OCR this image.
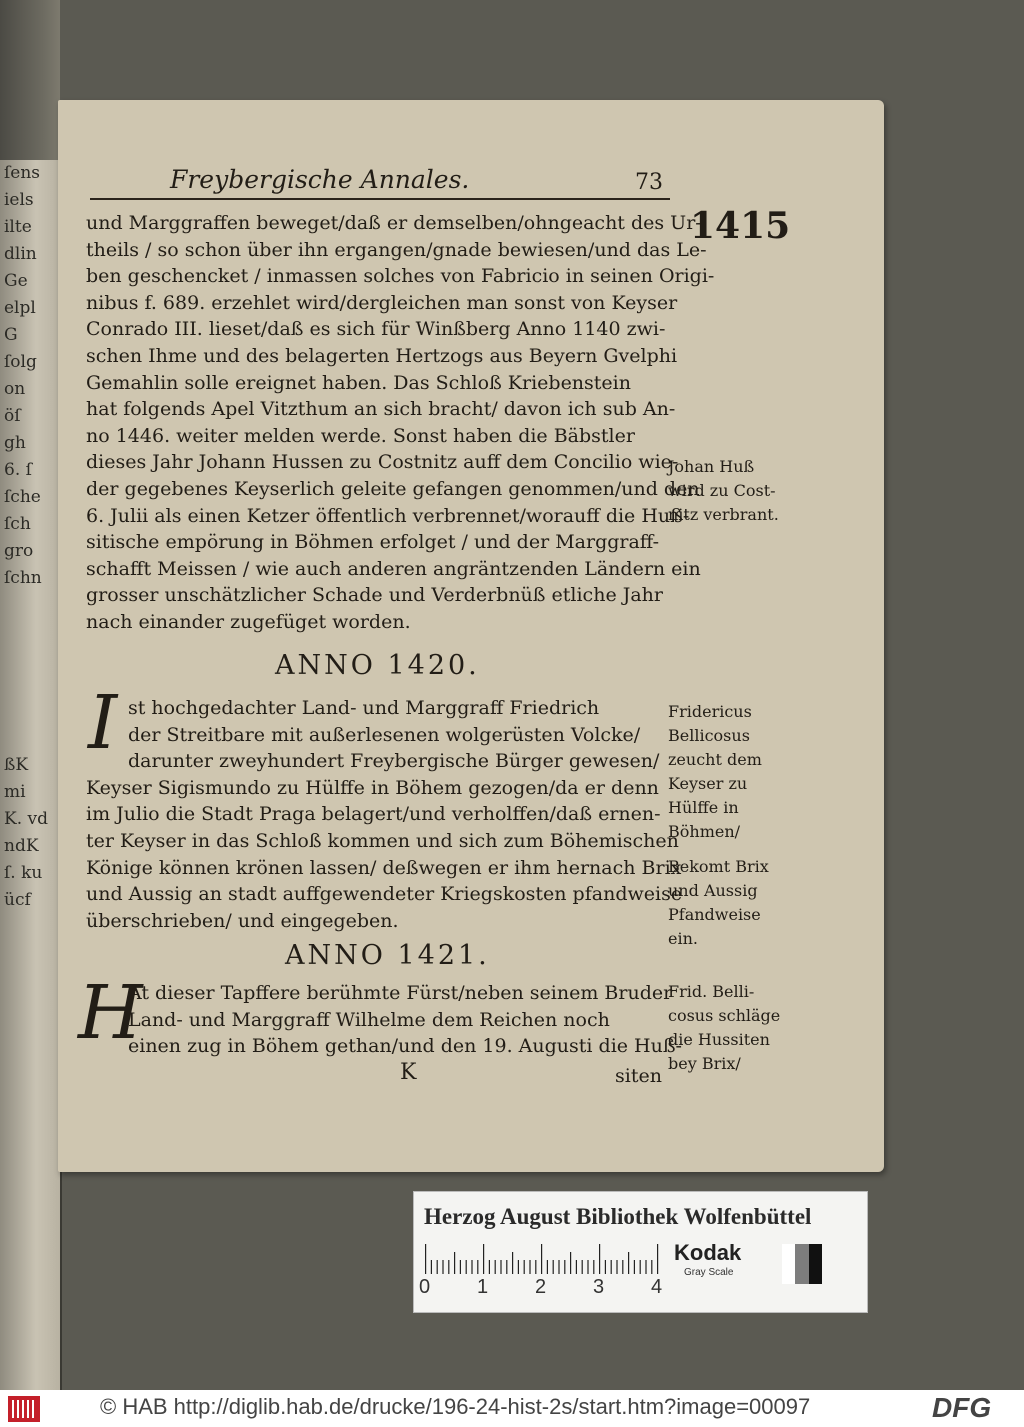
ſens
iels
ilte
dlin
Ge
elpl
G
ſolg
on
öſ
gh
6. ſ
ſche
ſch
gro
ſchn
ßK
mi
K. vd
ndK
ſ. ku
ücf
Freybergische Annales.	73
1415
und Marggraffen beweget/daß er demselben/ohngeacht des Ur-
theils / so schon über ihn ergangen/gnade bewiesen/und das Le-
ben geschencket / inmassen solches von Fabricio in seinen Origi-
nibus f. 689. erzehlet wird/dergleichen man sonst von Keyser
Conrado III. lieset/daß es sich für Winßberg Anno 1140 zwi-
schen Ihme und des belagerten Hertzogs aus Beyern Gvelphi
Gemahlin solle ereignet haben. Das Schloß Kriebenstein
hat folgends Apel Vitzthum an sich bracht/ davon ich sub An-
no 1446. weiter melden werde. Sonst haben die Bäbstler
dieses Jahr Johann Hussen zu Costnitz auff dem Concilio wie-
der gegebenes Keyserlich geleite gefangen genommen/und den
6. Julii als einen Ketzer öffentlich verbrennet/worauff die Huß-
sitische empörung in Böhmen erfolget / und der Marggraff-
schafft Meissen / wie auch anderen angräntzenden Ländern ein
grosser unschätzlicher Schade und Verderbnüß etliche Jahr
nach einander zugefüget worden.
ANNO 1420.
I st hochgedachter Land- und Marggraff Friedrich
der Streitbare mit außerlesenen wolgerüsten Volcke/
darunter zweyhundert Freybergische Bürger gewesen/
Keyser Sigismundo zu Hülffe in Böhem gezogen/da er denn
im Julio die Stadt Praga belagert/und verholffen/daß ernen-
ter Keyser in das Schloß kommen und sich zum Böhemischen
Könige können krönen lassen/ deßwegen er ihm hernach Brix
und Aussig an stadt auffgewendeter Kriegskosten pfandweise
überschrieben/ und eingegeben.
ANNO 1421.
H
At dieser Tapffere berühmte Fürst/neben seinem Bruder
Land- und Marggraff Wilhelme dem Reichen noch
einen zug in Böhem gethan/und den 19. Augusti die Huß-
K	siten
Johan Huß
wird zu Cost-
nitz verbrant.
Fridericus
Bellicosus
zeucht dem
Keyser zu
Hülffe in
Böhmen/
Bekomt Brix
und Aussig
Pfandweise
ein.
Frid. Belli-
cosus schläge
die Hussiten
bey Brix/
Herzog August Bibliothek Wolfenbüttel
0 1 2 3 4
Kodak
Gray Scale
© HAB http://diglib.hab.de/drucke/196-24-hist-2s/start.htm?image=00097	DFG
